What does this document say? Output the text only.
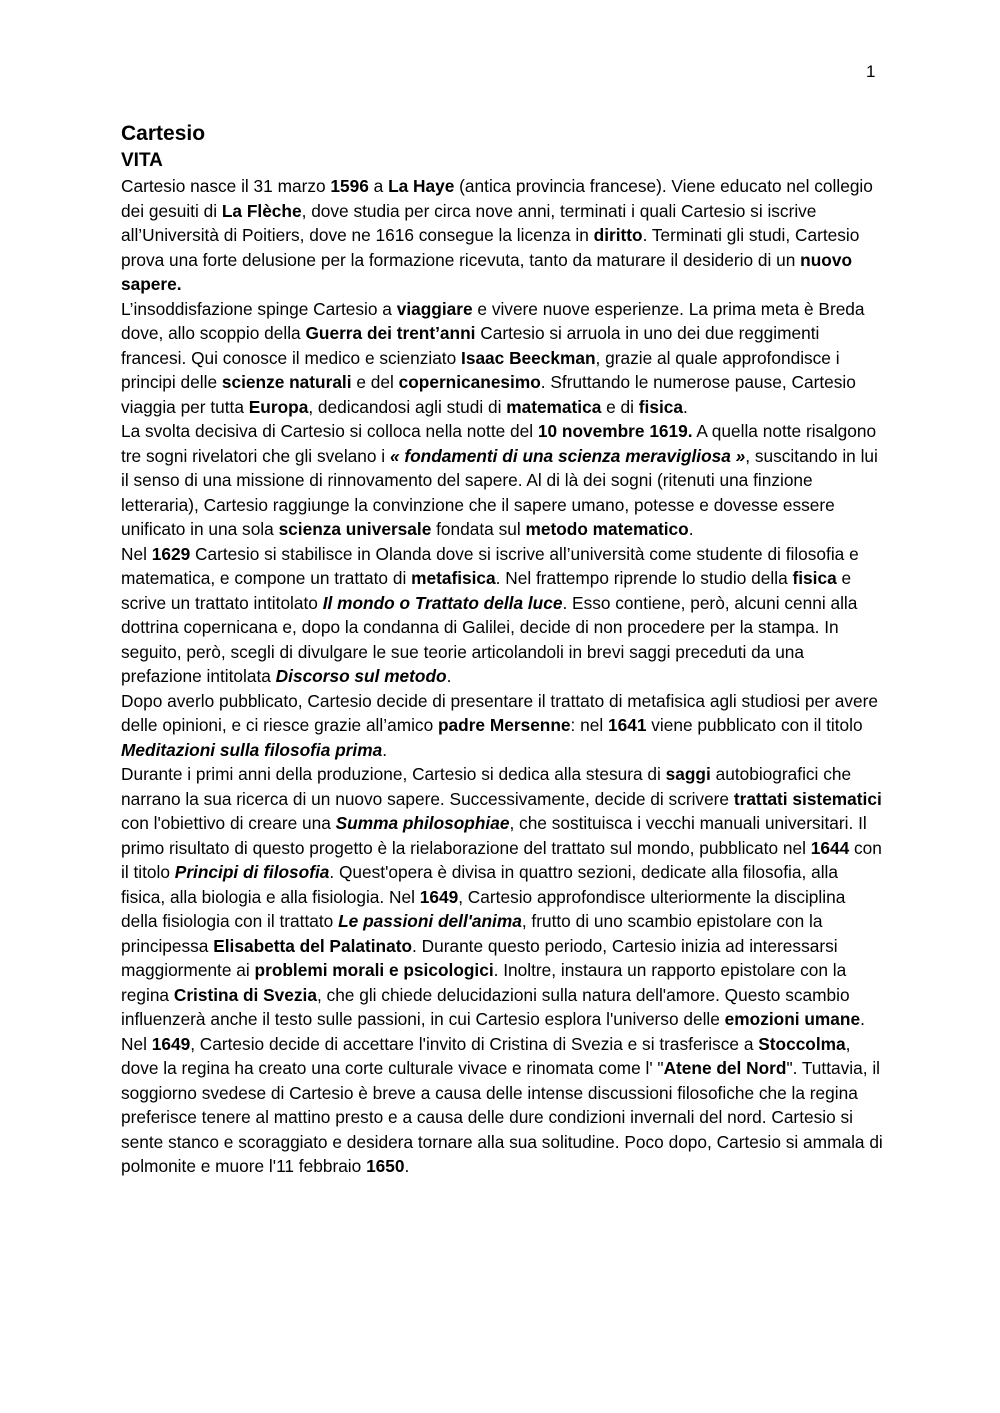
1
Cartesio
VITA

Cartesio nasce il 31 marzo 1596 a La Haye (antica provincia francese). Viene educato nel collegio dei gesuiti di La Flèche, dove studia per circa nove anni, terminati i quali Cartesio si iscrive all’Università di Poitiers, dove ne 1616 consegue la licenza in diritto. Terminati gli studi, Cartesio prova una forte delusione per la formazione ricevuta, tanto da maturare il desiderio di un nuovo sapere.

L’insoddisfazione spinge Cartesio a viaggiare e vivere nuove esperienze. La prima meta è Breda dove, allo scoppio della Guerra dei trent’anni Cartesio si arruola in uno dei due reggimenti francesi. Qui conosce il medico e scienziato Isaac Beeckman, grazie al quale approfondisce i principi delle scienze naturali e del copernicanesimo. Sfruttando le numerose pause, Cartesio viaggia per tutta Europa, dedicandosi agli studi di matematica e di fisica.

La svolta decisiva di Cartesio si colloca nella notte del 10 novembre 1619. A quella notte risalgono tre sogni rivelatori che gli svelano i « fondamenti di una scienza meravigliosa », suscitando in lui il senso di una missione di rinnovamento del sapere. Al di là dei sogni (ritenuti una finzione letteraria), Cartesio raggiunge la convinzione che il sapere umano, potesse e dovesse essere unificato in una sola scienza universale fondata sul metodo matematico.

Nel 1629 Cartesio si stabilisce in Olanda dove si iscrive all’università come studente di filosofia e matematica, e compone un trattato di metafisica. Nel frattempo riprende lo studio della fisica e scrive un trattato intitolato Il mondo o Trattato della luce. Esso contiene, però, alcuni cenni alla dottrina copernicana e, dopo la condanna di Galilei, decide di non procedere per la stampa. In seguito, però, scegli di divulgare le sue teorie articolandoli in brevi saggi preceduti da una prefazione intitolata Discorso sul metodo.

Dopo averlo pubblicato, Cartesio decide di presentare il trattato di metafisica agli studiosi per avere delle opinioni, e ci riesce grazie all’amico padre Mersenne: nel 1641 viene pubblicato con il titolo Meditazioni sulla filosofia prima.

Durante i primi anni della produzione, Cartesio si dedica alla stesura di saggi autobiografici che narrano la sua ricerca di un nuovo sapere. Successivamente, decide di scrivere trattati sistematici con l'obiettivo di creare una Summa philosophiae, che sostituisca i vecchi manuali universitari. Il primo risultato di questo progetto è la rielaborazione del trattato sul mondo, pubblicato nel 1644 con il titolo Principi di filosofia. Quest'opera è divisa in quattro sezioni, dedicate alla filosofia, alla fisica, alla biologia e alla fisiologia. Nel 1649, Cartesio approfondisce ulteriormente la disciplina della fisiologia con il trattato Le passioni dell'anima, frutto di uno scambio epistolare con la principessa Elisabetta del Palatinato. Durante questo periodo, Cartesio inizia ad interessarsi maggiormente ai problemi morali e psicologici. Inoltre, instaura un rapporto epistolare con la regina Cristina di Svezia, che gli chiede delucidazioni sulla natura dell'amore. Questo scambio influenzerà anche il testo sulle passioni, in cui Cartesio esplora l'universo delle emozioni umane.

Nel 1649, Cartesio decide di accettare l'invito di Cristina di Svezia e si trasferisce a Stoccolma, dove la regina ha creato una corte culturale vivace e rinomata come l' "Atene del Nord". Tuttavia, il soggiorno svedese di Cartesio è breve a causa delle intense discussioni filosofiche che la regina preferisce tenere al mattino presto e a causa delle dure condizioni invernali del nord. Cartesio si sente stanco e scoraggiato e desidera tornare alla sua solitudine. Poco dopo, Cartesio si ammala di polmonite e muore l'11 febbraio 1650.
